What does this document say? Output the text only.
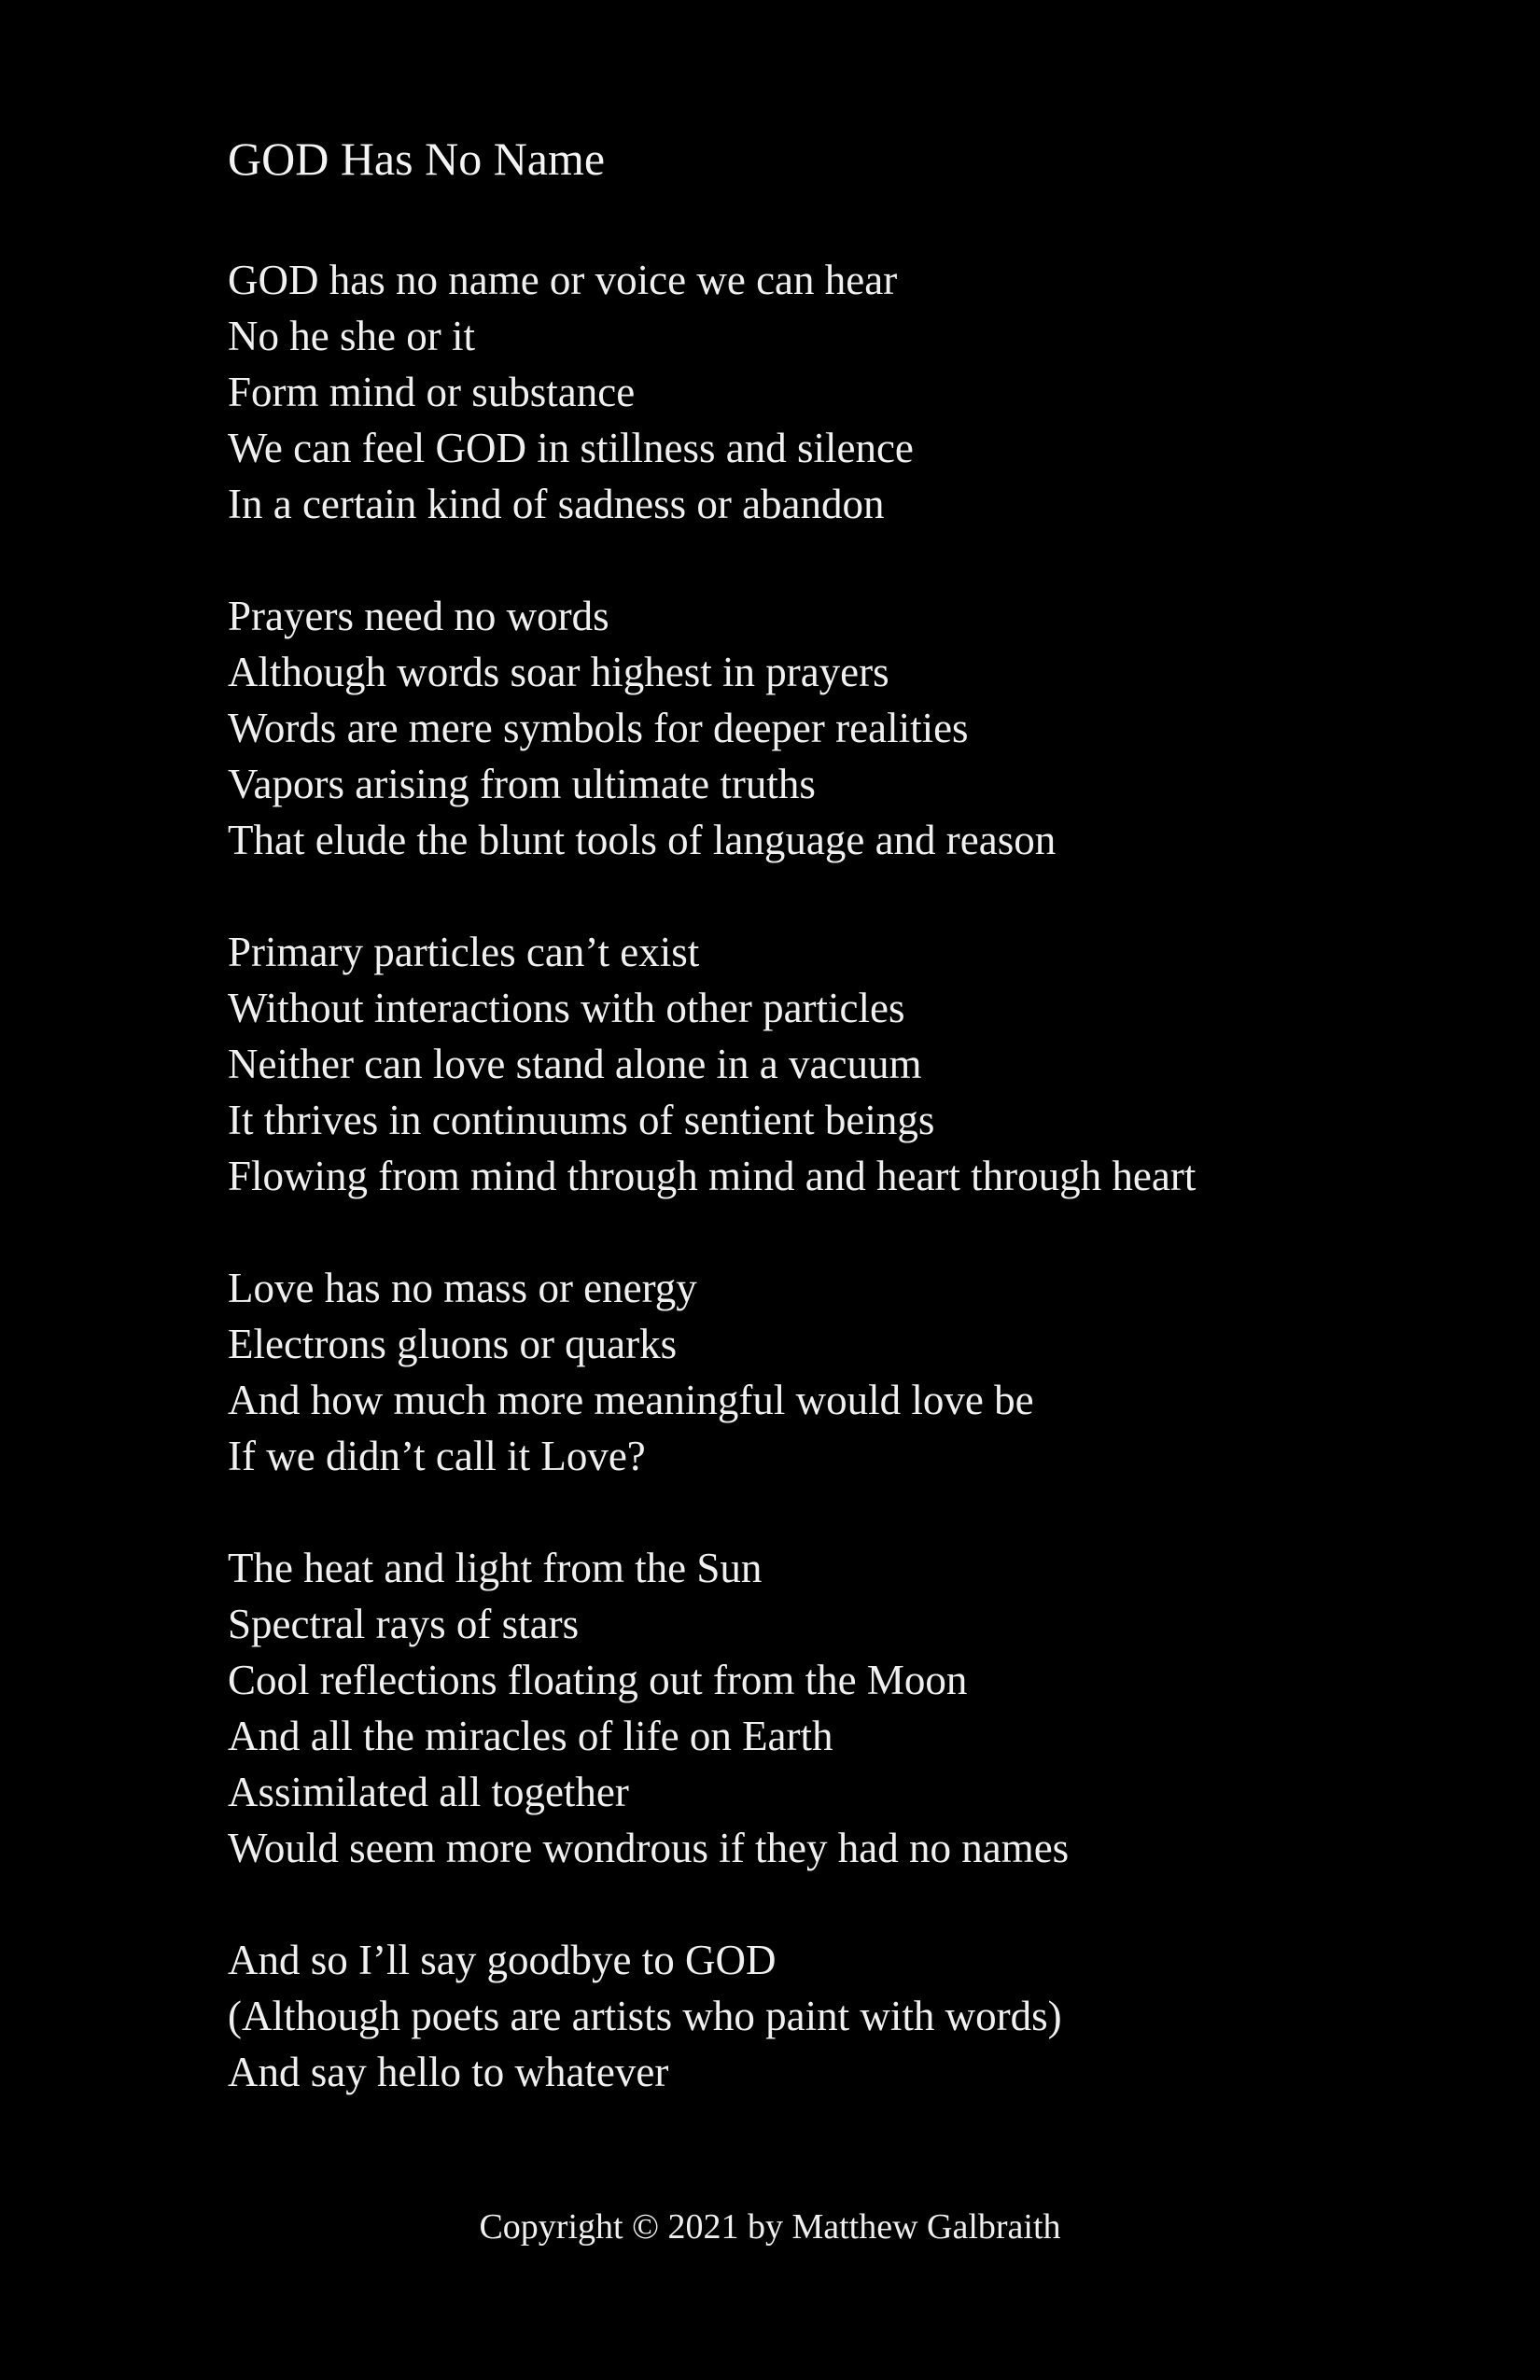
GOD Has No Name
GOD has no name or voice we can hear
No he she or it
Form mind or substance
We can feel GOD in stillness and silence
In a certain kind of sadness or abandon
Prayers need no words
Although words soar highest in prayers
Words are mere symbols for deeper realities
Vapors arising from ultimate truths
That elude the blunt tools of language and reason
Primary particles can’t exist
Without interactions with other particles
Neither can love stand alone in a vacuum
It thrives in continuums of sentient beings
Flowing from mind through mind and heart through heart
Love has no mass or energy
Electrons gluons or quarks
And how much more meaningful would love be
If we didn’t call it Love?
The heat and light from the Sun
Spectral rays of stars
Cool reflections floating out from the Moon
And all the miracles of life on Earth
Assimilated all together
Would seem more wondrous if they had no names
And so I’ll say goodbye to GOD
(Although poets are artists who paint with words)
And say hello to whatever
Copyright © 2021 by Matthew Galbraith
